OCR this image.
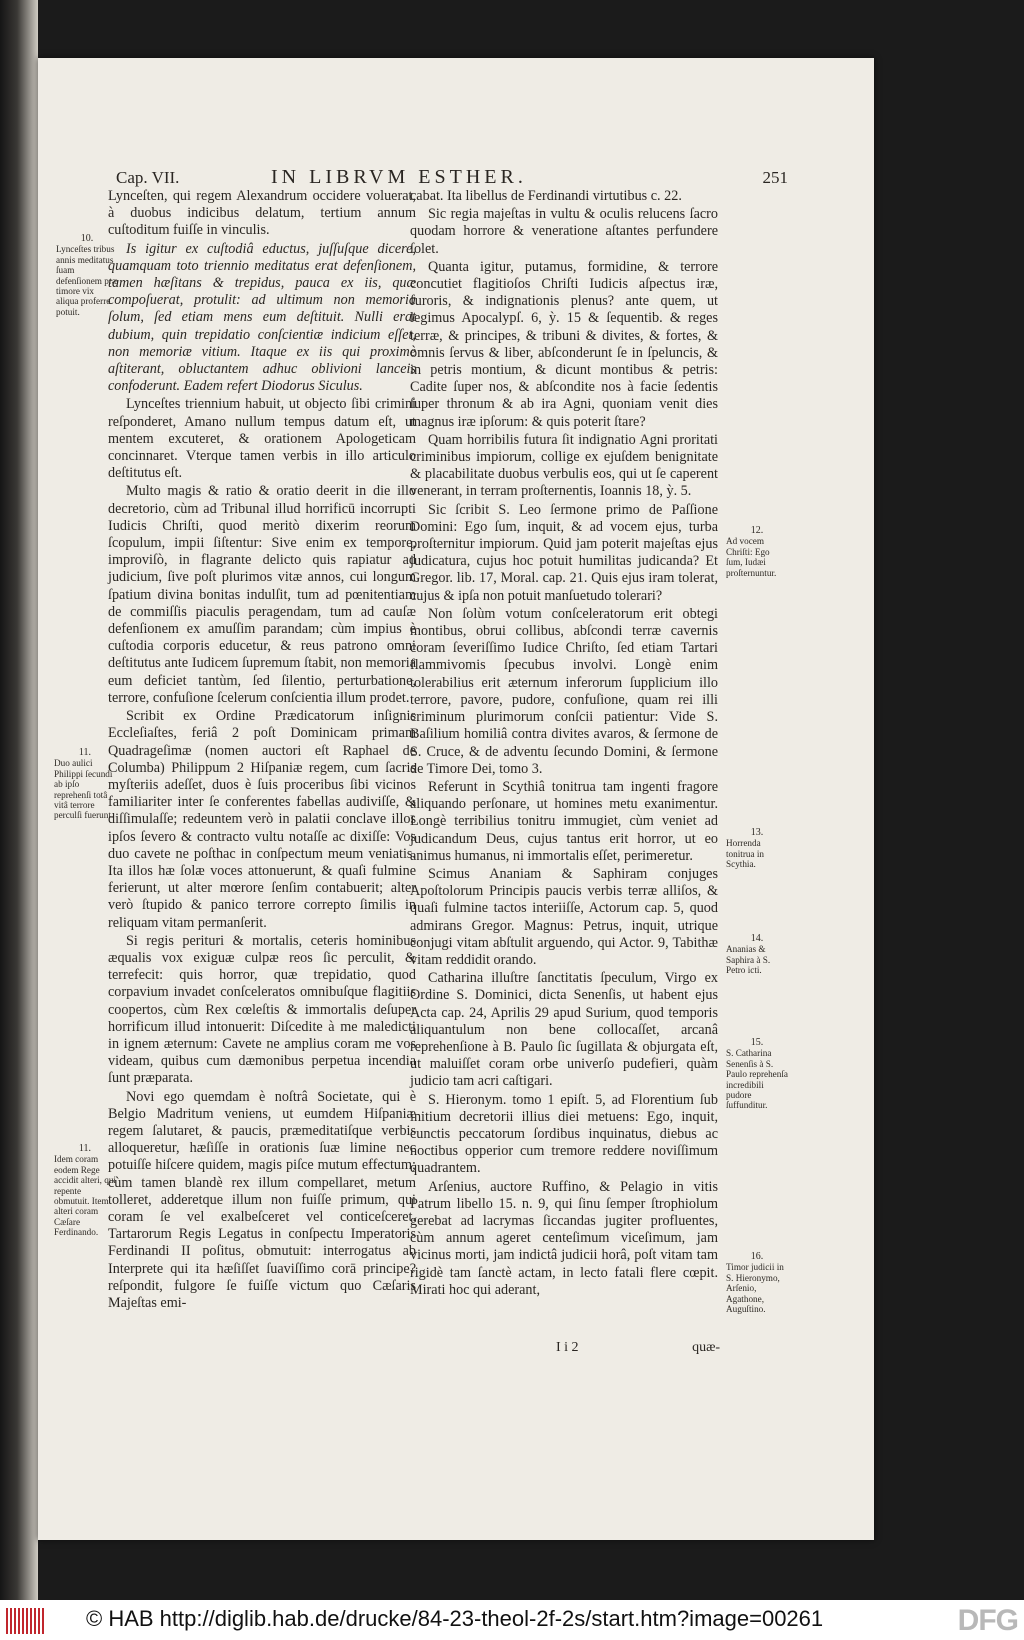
Cap. VII.	IN LIBRVM ESTHER.	251

Lynceſten, qui regem Alexandrum occidere voluerat, à duobus indicibus delatum, tertium annum cuſtoditum fuiſſe in vinculis.

Is igitur ex cuſtodiâ eductus, juſſuſque dicere, quamquam toto triennio meditatus erat defenſionem, tamen hæſitans & trepidus, pauca ex iis, quæ compoſuerat, protulit: ad ultimum non memoria ſolum, ſed etiam mens eum deſtituit. Nulli erat dubium, quin trepidatio conſcientiæ indicium eſſet, non memoriæ vitium. Itaque ex iis qui proximè aſtiterant, obluctantem adhuc oblivioni lanceis confoderunt. Eadem refert Diodorus Siculus.

Lynceſtes triennium habuit, ut objecto ſibi crimini reſponderet, Amano nullum tempus datum eſt, ut mentem excuteret, & orationem Apologeticam concinnaret. Vterque tamen verbis in illo articulo deſtitutus eſt.

Multo magis & ratio & oratio deerit in die illo decretorio, cùm ad Tribunal illud horrificū incorrupti Iudicis Chriſti, quod meritò dixerim reorum ſcopulum, impii ſiſtentur: Sive enim ex tempore, improviſò, in flagrante delicto quis rapiatur ad judicium, ſive poſt plurimos vitæ annos, cui longum ſpatium divina bonitas indulſit, tum ad pœnitentiam de commiſſis piaculis peragendam, tum ad cauſæ defenſionem ex amuſſim parandam; cùm impius è cuſtodia corporis educetur, & reus patrono omni deſtitutus ante Iudicem ſupremum ſtabit, non memoria eum deficiet tantùm, ſed ſilentio, perturbatione, terrore, confuſione ſcelerum conſcientia illum prodet.

Scribit ex Ordine Prædicatorum inſignis Eccleſiaſtes, feriâ 2 poſt Dominicam primam Quadrageſimæ (nomen auctori eſt Raphael de Columba) Philippum 2 Hiſpaniæ regem, cum ſacris myſteriis adeſſet, duos è ſuis proceribus ſibi vicinos familiariter inter ſe conferentes fabellas audiviſſe, & diſſimulaſſe; redeuntem verò in palatii conclave illos ipſos ſevero & contracto vultu notaſſe ac dixiſſe: Vos duo cavete ne poſthac in conſpectum meum veniatis. Ita illos hæ ſolæ voces attonuerunt, & quaſi fulmine ferierunt, ut alter mœrore ſenſim contabuerit; alter verò ſtupido & panico terrore correpto ſimilis in reliquam vitam permanſerit.

Si regis perituri & mortalis, ceteris hominibus æqualis vox exiguæ culpæ reos ſic perculit, & terrefecit: quis horror, quæ trepidatio, quod corpavium invadet conſceleratos omnibuſque flagitiis coopertos, cùm Rex cœleſtis & immortalis deſuper horrificum illud intonuerit: Diſcedite à me maledicti in ignem æternum: Cavete ne amplius coram me vos videam, quibus cum dæmonibus perpetua incendia ſunt præparata.

Novi ego quemdam è noſtrâ Societate, qui è Belgio Madritum veniens, ut eumdem Hiſpaniæ regem ſalutaret, & paucis, præmeditatiſque verbis alloqueretur, hæſiſſe in orationis ſuæ limine nec potuiſſe hiſcere quidem, magis piſce mutum effectum; cùm tamen blandè rex illum compellaret, metum tolleret, adderetque illum non fuiſſe primum, qui coram ſe vel exalbeſceret vel conticeſceret. Tartarorum Regis Legatus in conſpectu Imperatoris Ferdinandi II poſitus, obmutuit: interrogatus ab Interprete qui ita hæſiſſet ſuaviſſimo corā principe? reſpondit, fulgore ſe fuiſſe victum quo Cæſaris Majeſtas emi-

cabat. Ita libellus de Ferdinandi virtutibus c. 22.

Sic regia majeſtas in vultu & oculis relucens ſacro quodam horrore & veneratione aſtantes perfundere ſolet.

Quanta igitur, putamus, formidine, & terrore concutiet flagitioſos Chriſti Iudicis aſpectus iræ, furoris, & indignationis plenus? ante quem, ut legimus Apocalypſ. 6, ỳ. 15 & ſequentib. & reges terræ, & principes, & tribuni & divites, & fortes, & omnis ſervus & liber, abſconderunt ſe in ſpeluncis, & in petris montium, & dicunt montibus & petris: Cadite ſuper nos, & abſcondite nos à facie ſedentis ſuper thronum & ab ira Agni, quoniam venit dies magnus iræ ipſorum: & quis poterit ſtare?

Quam horribilis futura ſit indignatio Agni proritati criminibus impiorum, collige ex ejuſdem benignitate & placabilitate duobus verbulis eos, qui ut ſe caperent venerant, in terram proſternentis, Ioannis 18, ỳ. 5.

Sic ſcribit S. Leo ſermone primo de Paſſione Domini: Ego ſum, inquit, & ad vocem ejus, turba proſternitur impiorum. Quid jam poterit majeſtas ejus judicatura, cujus hoc potuit humilitas judicanda? Et Gregor. lib. 17, Moral. cap. 21. Quis ejus iram tolerat, cujus & ipſa non potuit manſuetudo tolerari?

Non ſolùm votum conſceleratorum erit obtegi montibus, obrui collibus, abſcondi terræ cavernis coram ſeveriſſimo Iudice Chriſto, ſed etiam Tartari flammivomis ſpecubus involvi. Longè enim tolerabilius erit æternum inferorum ſupplicium illo terrore, pavore, pudore, confuſione, quam rei illi criminum plurimorum conſcii patientur: Vide S. Baſilium homiliâ contra divites avaros, & ſermone de S. Cruce, & de adventu ſecundo Domini, & ſermone de Timore Dei, tomo 3.

Referunt in Scythiâ tonitrua tam ingenti fragore aliquando perſonare, ut homines metu exanimentur. Longè terribilius tonitru immugiet, cùm veniet ad judicandum Deus, cujus tantus erit horror, ut eo animus humanus, ni immortalis eſſet, perimeretur.

Scimus Ananiam & Saphiram conjuges Apoſtolorum Principis paucis verbis terræ alliſos, & quaſi fulmine tactos interiiſſe, Actorum cap. 5, quod admirans Gregor. Magnus: Petrus, inquit, utrique conjugi vitam abſtulit arguendo, qui Actor. 9, Tabithæ vitam reddidit orando.

Catharina illuſtre ſanctitatis ſpeculum, Virgo ex Ordine S. Dominici, dicta Senenſis, ut habent ejus Acta cap. 24, Aprilis 29 apud Surium, quod temporis aliquantulum non bene collocaſſet, arcanâ reprehenſione à B. Paulo ſic ſugillata & objurgata eſt, ut maluiſſet coram orbe univerſo pudefieri, quàm judicio tam acri caſtigari.

S. Hieronym. tomo 1 epiſt. 5, ad Florentium ſub initium decretorii illius diei metuens: Ego, inquit, cunctis peccatorum ſordibus inquinatus, diebus ac noctibus opperior cum tremore reddere noviſſimum quadrantem.

Arſenius, auctore Ruffino, & Pelagio in vitis Patrum libello 15. n. 9, qui ſinu ſemper ſtrophiolum gerebat ad lacrymas ſiccandas jugiter profluentes, cùm annum ageret centeſimum viceſimum, jam vicinus morti, jam indictâ judicii horâ, poſt vitam tam rigidè tam ſanctè actam, in lecto fatali flere cœpit. Mirati hoc qui aderant,

10.
Lynceſtes tribus annis meditatus ſuam defenſionem præ timore vix aliqua proferre potuit.
11.
Duo aulici Philippi ſecundi ab ipſo reprehenſi totâ vitâ terrore perculſi fuerunt.
11.
Idem coram eodem Rege accidit alteri, qui repente obmutuit. Item alteri coram Cæſare Ferdinando.
12.
Ad vocem Chriſti: Ego ſum, Iudæi proſternuntur.
13.
Horrenda tonitrua in Scythia.
14.
Ananias & Saphira à S. Petro icti.
15.
S. Catharina Senenſis à S. Paulo reprehenſa incredibili pudore ſuffunditur.
16.
Timor judicii in S. Hieronymo, Arſenio, Agathone, Auguſtino.
I i 2	quæ-
© HAB http://diglib.hab.de/drucke/84-23-theol-2f-2s/start.htm?image=00261	DFG
